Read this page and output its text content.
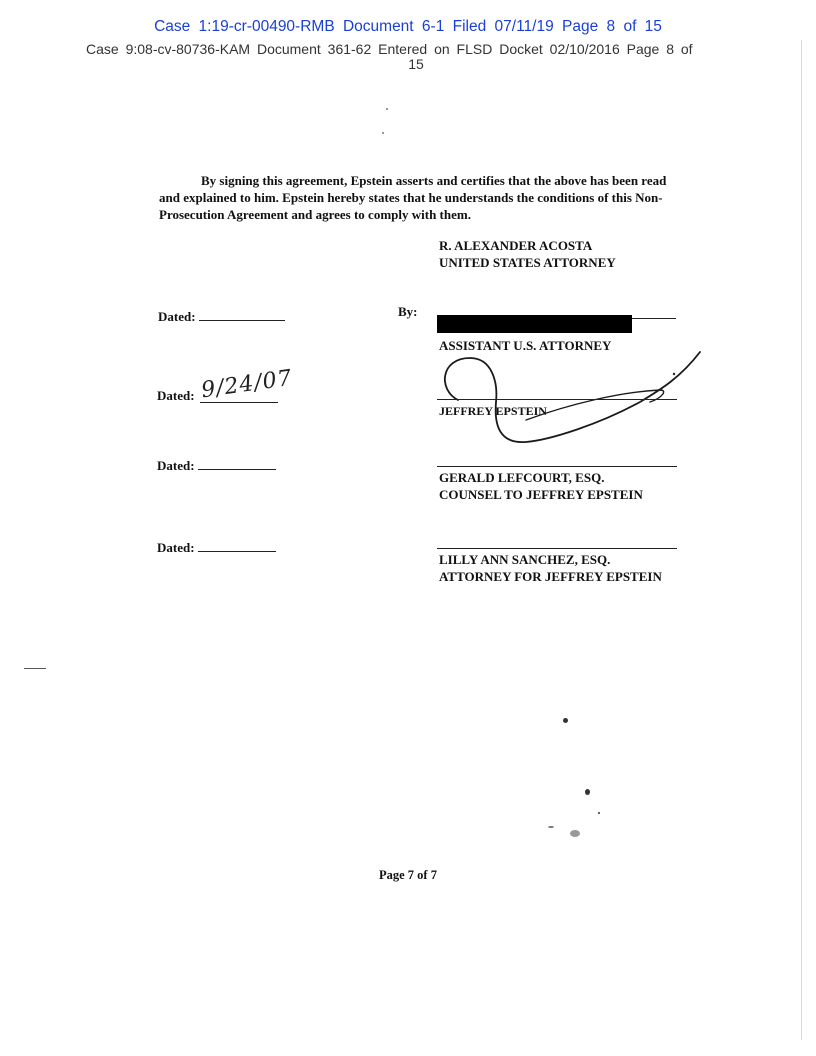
Case 1:19-cr-00490-RMB Document 6-1 Filed 07/11/19 Page 8 of 15
Case 9:08-cv-80736-KAM Document 361-62 Entered on FLSD Docket 02/10/2016 Page 8 of
15
By signing this agreement, Epstein asserts and certifies that the above has been read and explained to him. Epstein hereby states that he understands the conditions of this Non-Prosecution Agreement and agrees to comply with them.
R. ALEXANDER ACOSTA
UNITED STATES ATTORNEY
Dated:	By:
ASSISTANT U.S. ATTORNEY
Dated: 9/24/07
JEFFREY EPSTEIN
Dated:
GERALD LEFCOURT, ESQ.
COUNSEL TO JEFFREY EPSTEIN
Dated:
LILLY ANN SANCHEZ, ESQ.
ATTORNEY FOR JEFFREY EPSTEIN
Page 7 of 7
